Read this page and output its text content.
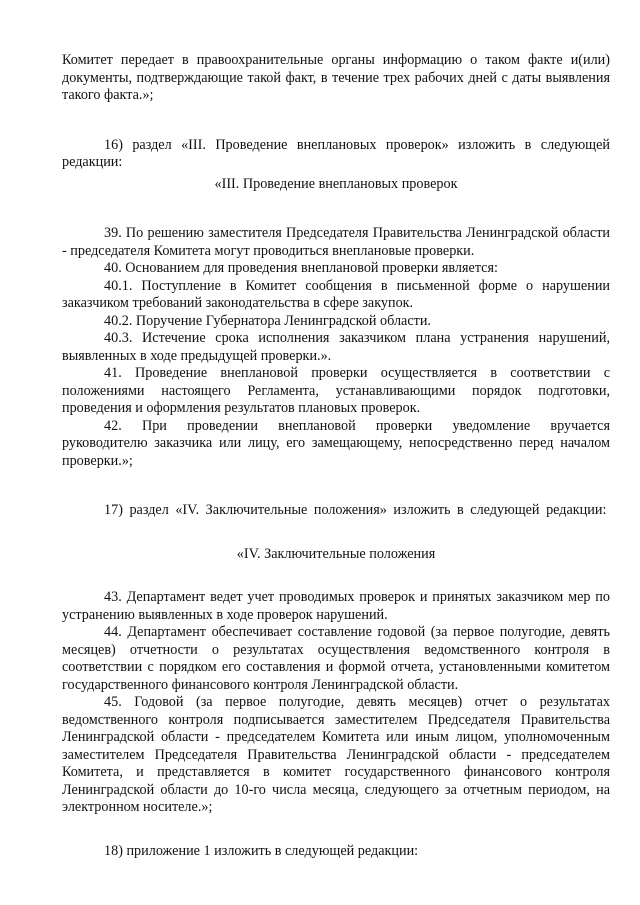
Комитет передает в правоохранительные органы информацию о таком факте и(или) документы, подтверждающие такой факт, в течение трех рабочих дней с даты выявления такого факта.»;

16) раздел «III. Проведение внеплановых проверок» изложить в следующей редакции:

«III. Проведение внеплановых проверок

39. По решению заместителя Председателя Правительства Ленинградской области - председателя Комитета могут проводиться внеплановые проверки.

40. Основанием для проведения внеплановой проверки является:

40.1. Поступление в Комитет сообщения в письменной форме о нарушении заказчиком требований законодательства в сфере закупок.

40.2. Поручение Губернатора Ленинградской области.

40.3. Истечение срока исполнения заказчиком плана устранения нарушений, выявленных в ходе предыдущей проверки.».

41. Проведение внеплановой проверки осуществляется в соответствии с положениями настоящего Регламента, устанавливающими порядок подготовки, проведения и оформления результатов плановых проверок.

42. При проведении внеплановой проверки уведомление вручается руководителю заказчика или лицу, его замещающему, непосредственно перед началом проверки.»;

17) раздел «IV. Заключительные положения» изложить в следующей редакции:

«IV. Заключительные положения

43. Департамент ведет учет проводимых проверок и принятых заказчиком мер по устранению выявленных в ходе проверок нарушений.

44. Департамент обеспечивает составление годовой (за первое полугодие, девять месяцев) отчетности о результатах осуществления ведомственного контроля в соответствии с порядком его составления и формой отчета, установленными комитетом государственного финансового контроля Ленинградской области.

45. Годовой (за первое полугодие, девять месяцев) отчет о результатах ведомственного контроля подписывается заместителем Председателя Правительства Ленинградской области - председателем Комитета или иным лицом, уполномоченным заместителем Председателя Правительства Ленинградской области - председателем Комитета, и представляется в комитет государственного финансового контроля Ленинградской области до 10-го числа месяца, следующего за отчетным периодом, на электронном носителе.»;

18) приложение 1 изложить в следующей редакции:
